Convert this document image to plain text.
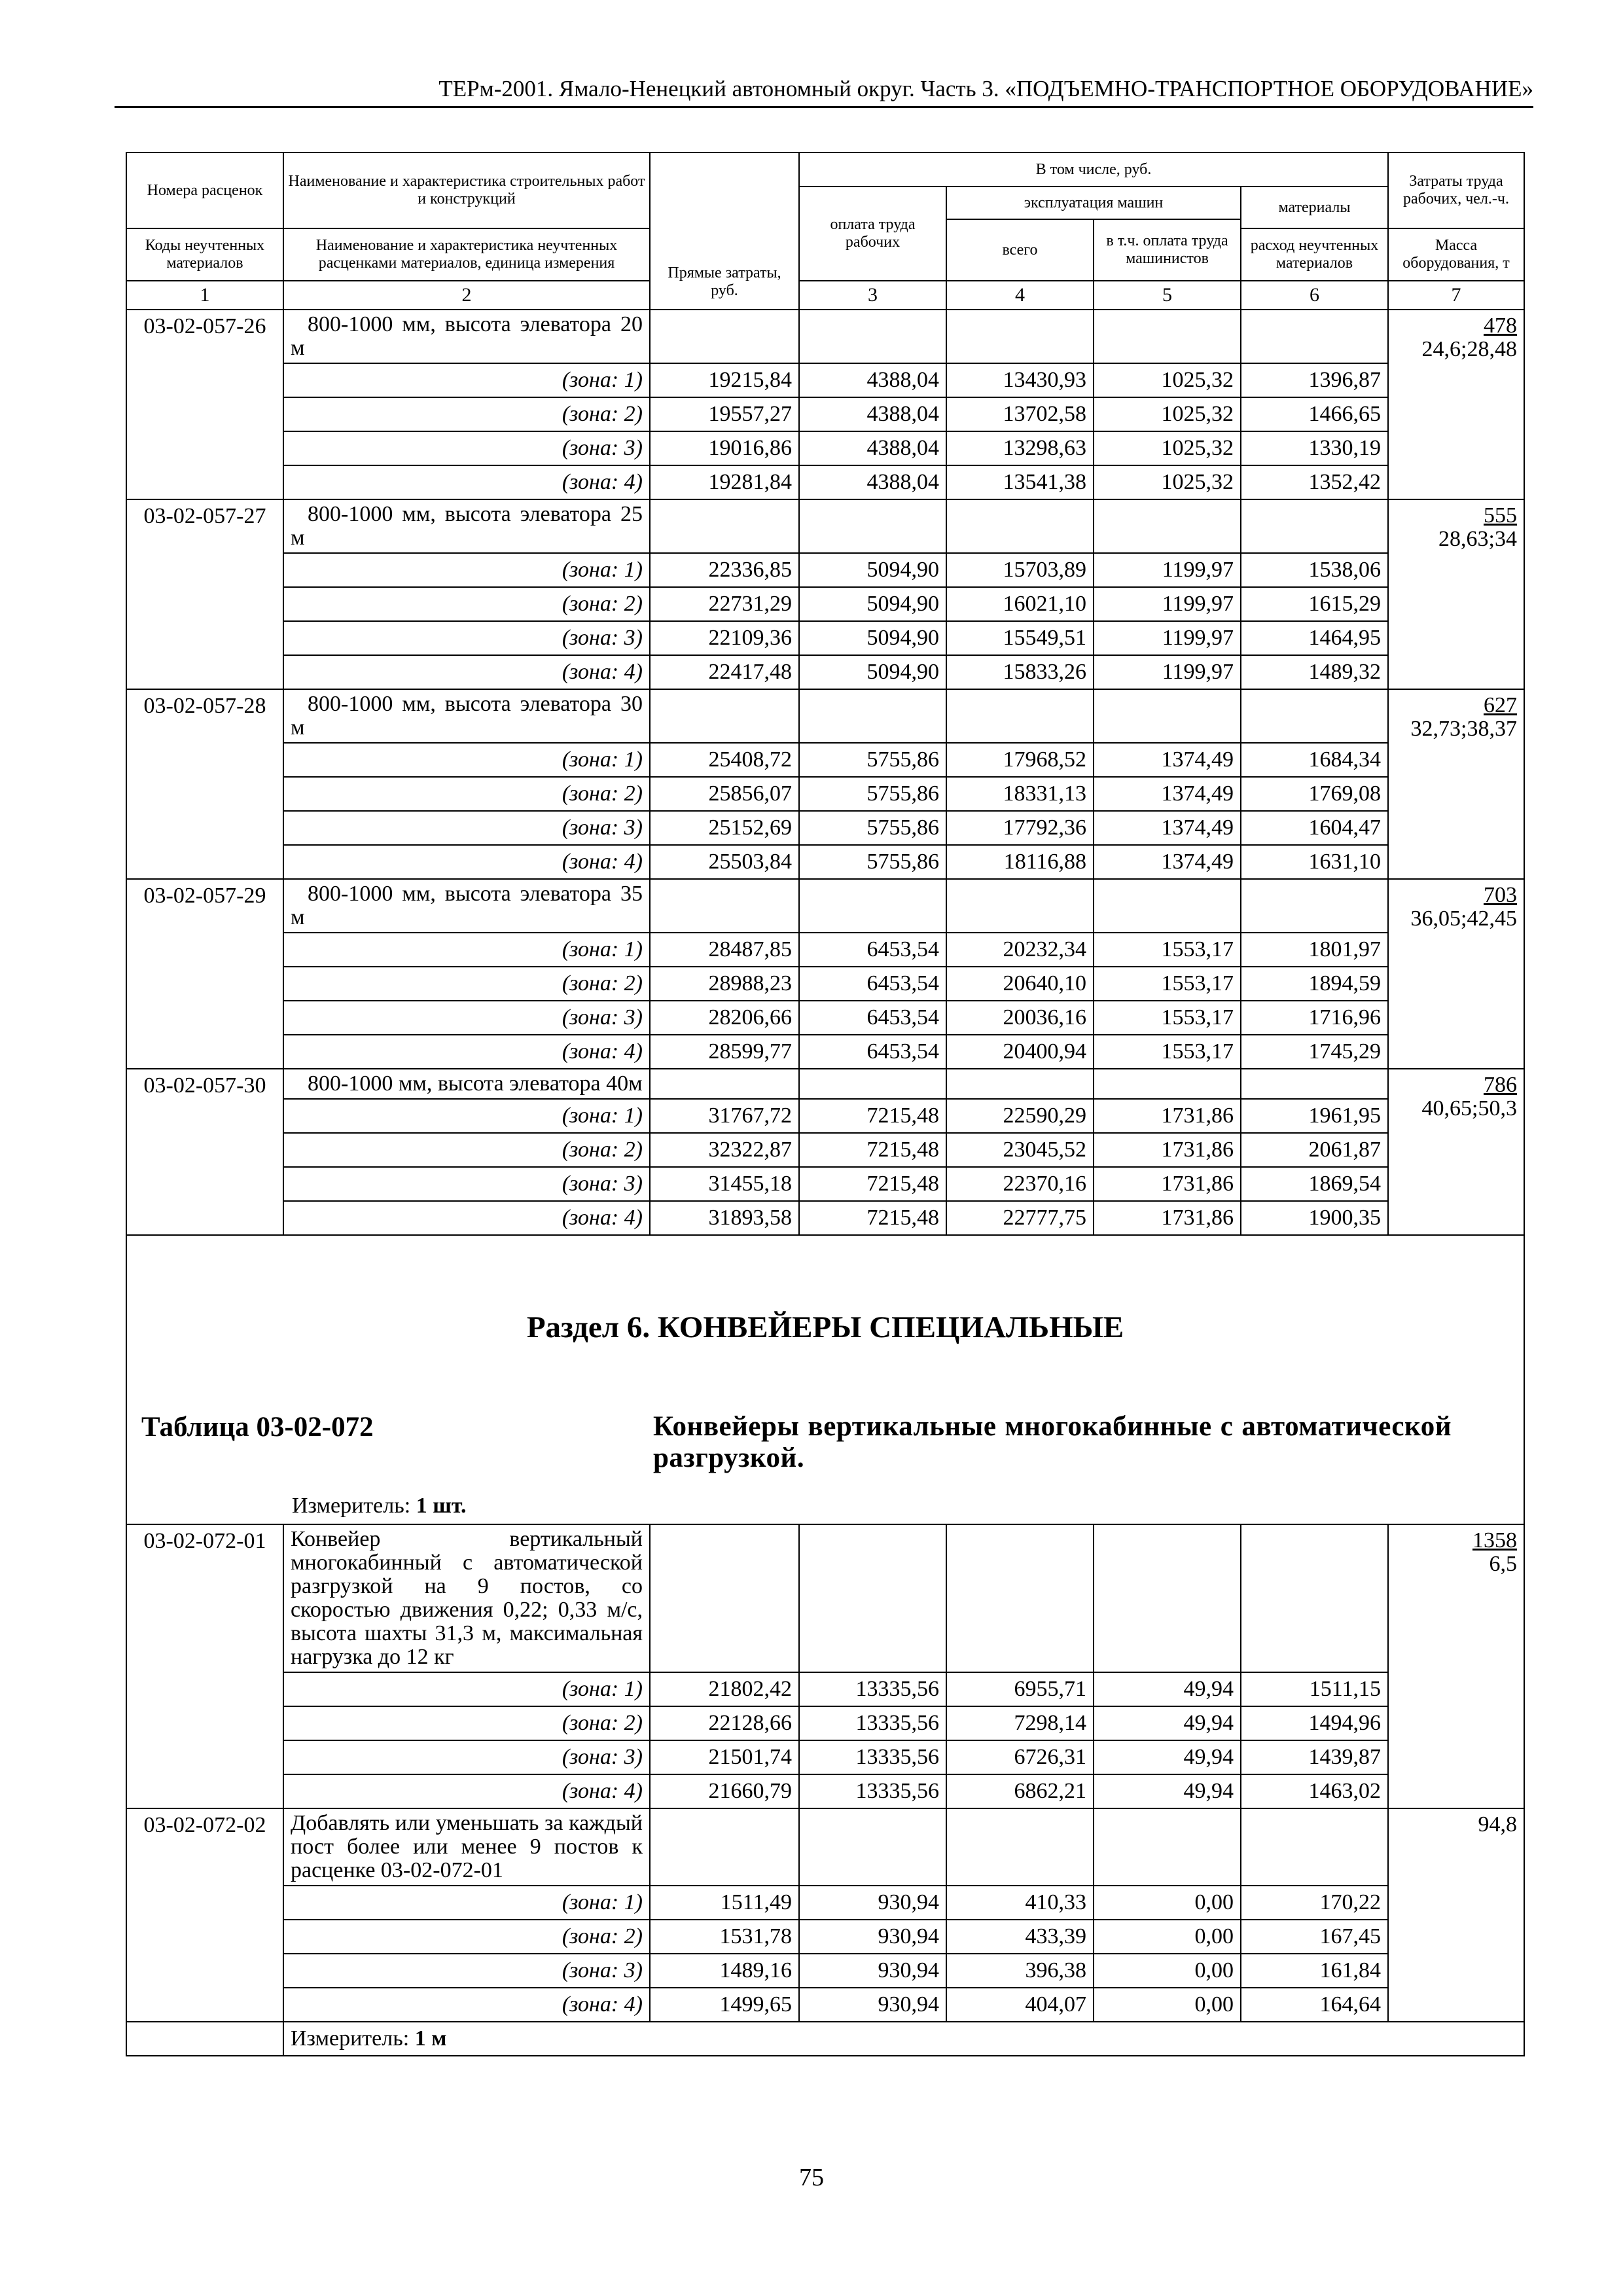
ТЕРм-2001. Ямало-Ненецкий автономный округ. Часть 3. «ПОДЪЕМНО-ТРАНСПОРТНОЕ ОБОРУДОВАНИЕ»
Номера расценок	Наименование и характеристика строительных работ и конструкций	Прямые затраты, руб.	В том числе, руб.				Затраты труда рабочих, чел.-ч.	
			оплата труда рабочих	эксплуатация машин		материалы		
				всего	в т.ч. оплата труда машинистов			
Коды неучтенных материалов	Наименование и характеристика неучтенных расценками материалов, единица измерения					расход неучтенных материалов	Масса оборудования, т	
1	2		3	4	5	6	7	
03-02-057-26	800-1000 мм, высота элеватора 20 м						478
24,6;28,48	

	(зона: 1)	19215,84	4388,04	13430,93	1025,32	1396,87		
	(зона: 2)	19557,27	4388,04	13702,58	1025,32	1466,65		
	(зона: 3)	19016,86	4388,04	13298,63	1025,32	1330,19		
	(зона: 4)	19281,84	4388,04	13541,38	1025,32	1352,42		
03-02-057-27	800-1000 мм, высота элеватора 25 м						555
28,63;34	

	(зона: 1)	22336,85	5094,90	15703,89	1199,97	1538,06		
	(зона: 2)	22731,29	5094,90	16021,10	1199,97	1615,29		
	(зона: 3)	22109,36	5094,90	15549,51	1199,97	1464,95		
	(зона: 4)	22417,48	5094,90	15833,26	1199,97	1489,32		
03-02-057-28	800-1000 мм, высота элеватора 30 м						627
32,73;38,37	

	(зона: 1)	25408,72	5755,86	17968,52	1374,49	1684,34		
	(зона: 2)	25856,07	5755,86	18331,13	1374,49	1769,08		
	(зона: 3)	25152,69	5755,86	17792,36	1374,49	1604,47		
	(зона: 4)	25503,84	5755,86	18116,88	1374,49	1631,10		
03-02-057-29	800-1000 мм, высота элеватора 35 м						703
36,05;42,45	

	(зона: 1)	28487,85	6453,54	20232,34	1553,17	1801,97		
	(зона: 2)	28988,23	6453,54	20640,10	1553,17	1894,59		
	(зона: 3)	28206,66	6453,54	20036,16	1553,17	1716,96		
	(зона: 4)	28599,77	6453,54	20400,94	1553,17	1745,29		
03-02-057-30	800-1000 мм, высота элеватора 40м						786
40,65;50,3	

	(зона: 1)	31767,72	7215,48	22590,29	1731,86	1961,95		
	(зона: 2)	32322,87	7215,48	23045,52	1731,86	2061,87		
	(зона: 3)	31455,18	7215,48	22370,16	1731,86	1869,54		
	(зона: 4)	31893,58	7215,48	22777,75	1731,86	1900,35		

Раздел 6. КОНВЕЙЕРЫ СПЕЦИАЛЬНЫЕ
Таблица 03-02-072 Конвейеры вертикальные многокабинные с автоматической разгрузкой.
Измеритель: 1 шт.								

03-02-072-01	Конвейер вертикальный многокабинный с автоматической разгрузкой на 9 постов, со скоростью движения 0,22; 0,33 м/с, высота шахты 31,3 м, максимальная нагрузка до 12 кг						1358
6,5	

	(зона: 1)	21802,42	13335,56	6955,71	49,94	1511,15		
	(зона: 2)	22128,66	13335,56	7298,14	49,94	1494,96		
	(зона: 3)	21501,74	13335,56	6726,31	49,94	1439,87		
	(зона: 4)	21660,79	13335,56	6862,21	49,94	1463,02		
03-02-072-02	Добавлять или уменьшать за каждый пост более или менее 9 постов к расценке 03-02-072-01						94,8	

	(зона: 1)	1511,49	930,94	410,33	0,00	170,22		
	(зона: 2)	1531,78	930,94	433,39	0,00	167,45		
	(зона: 3)	1489,16	930,94	396,38	0,00	161,84		
	(зона: 4)	1499,65	930,94	404,07	0,00	164,64		
	Измеритель: 1 м							
75
